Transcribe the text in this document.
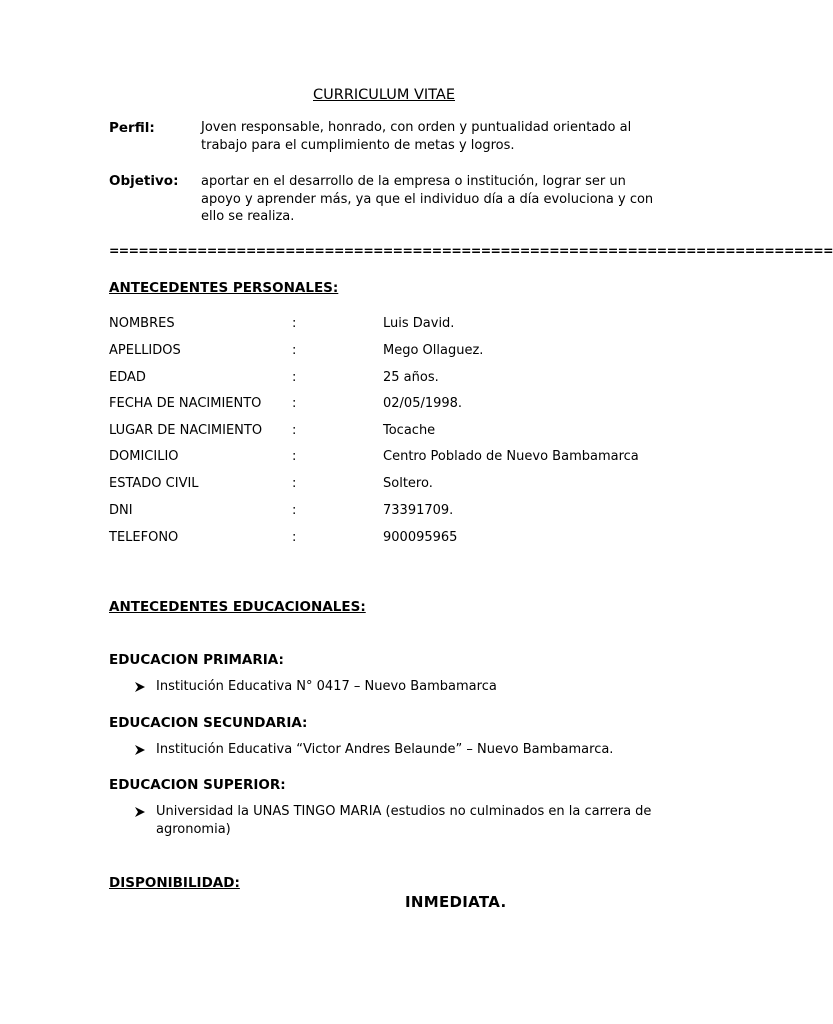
CURRICULUM VITAE
Perfil:	Joven responsable, honrado, con orden y puntualidad orientado al trabajo para el cumplimiento de metas y logros.
Objetivo: aportar en el desarrollo de la empresa o institución, lograr ser un apoyo y aprender más, ya que el individuo día a día evoluciona y con ello se realiza.
==========================================================================
ANTECEDENTES PERSONALES:
NOMBRES	:	Luis David.
APELLIDOS	:	Mego Ollaguez.
EDAD	:	25 años.
FECHA DE NACIMIENTO :	02/05/1998.
LUGAR DE NACIMIENTO :	Tocache
DOMICILIO	:	Centro Poblado de Nuevo Bambamarca
ESTADO CIVIL	:	Soltero.
DNI	:	73391709.
TELEFONO	:	900095965
ANTECEDENTES EDUCACIONALES:
EDUCACION PRIMARIA:
Institución Educativa N° 0417 – Nuevo Bambamarca
EDUCACION SECUNDARIA:
Institución Educativa “Victor Andres Belaunde” – Nuevo Bambamarca.
EDUCACION SUPERIOR:
Universidad la UNAS TINGO MARIA (estudios no culminados en la carrera de agronomia)
DISPONIBILIDAD:
INMEDIATA.
